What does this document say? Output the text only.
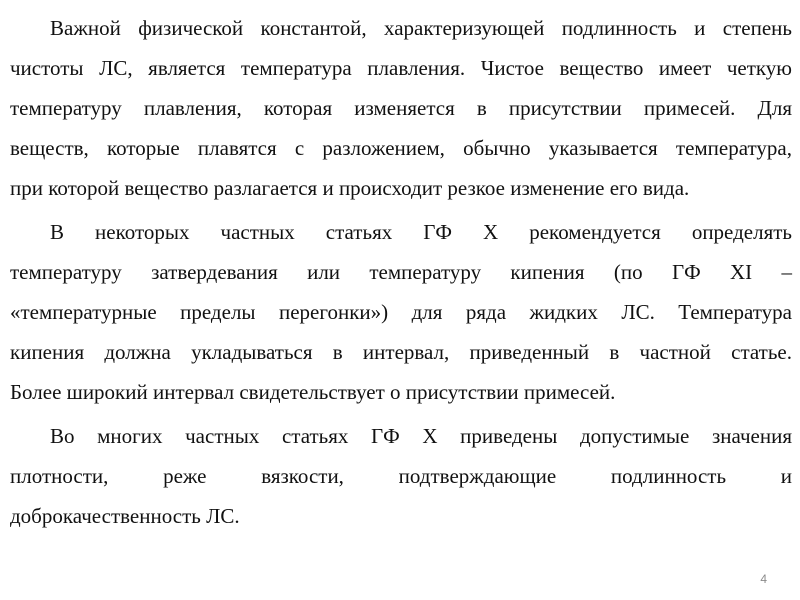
Важной физической константой, характеризующей подлинность и степень
чистоты ЛС, является температура плавления. Чистое вещество имеет четкую
температуру плавления, которая изменяется в присутствии примесей. Для
веществ, которые плавятся с разложением, обычно указывается температура,
при которой вещество разлагается и происходит резкое изменение его вида.

В некоторых частных статьях ГФ Х рекомендуется определять
температуру затвердевания или температуру кипения (по ГФ XI –
«температурные пределы перегонки») для ряда жидких ЛС. Температура
кипения должна укладываться в интервал, приведенный в частной статье.
Более широкий интервал свидетельствует о присутствии примесей.

Во многих частных статьях ГФ Х приведены допустимые значения
плотности, реже вязкости, подтверждающие подлинность и
доброкачественность ЛС.

4
